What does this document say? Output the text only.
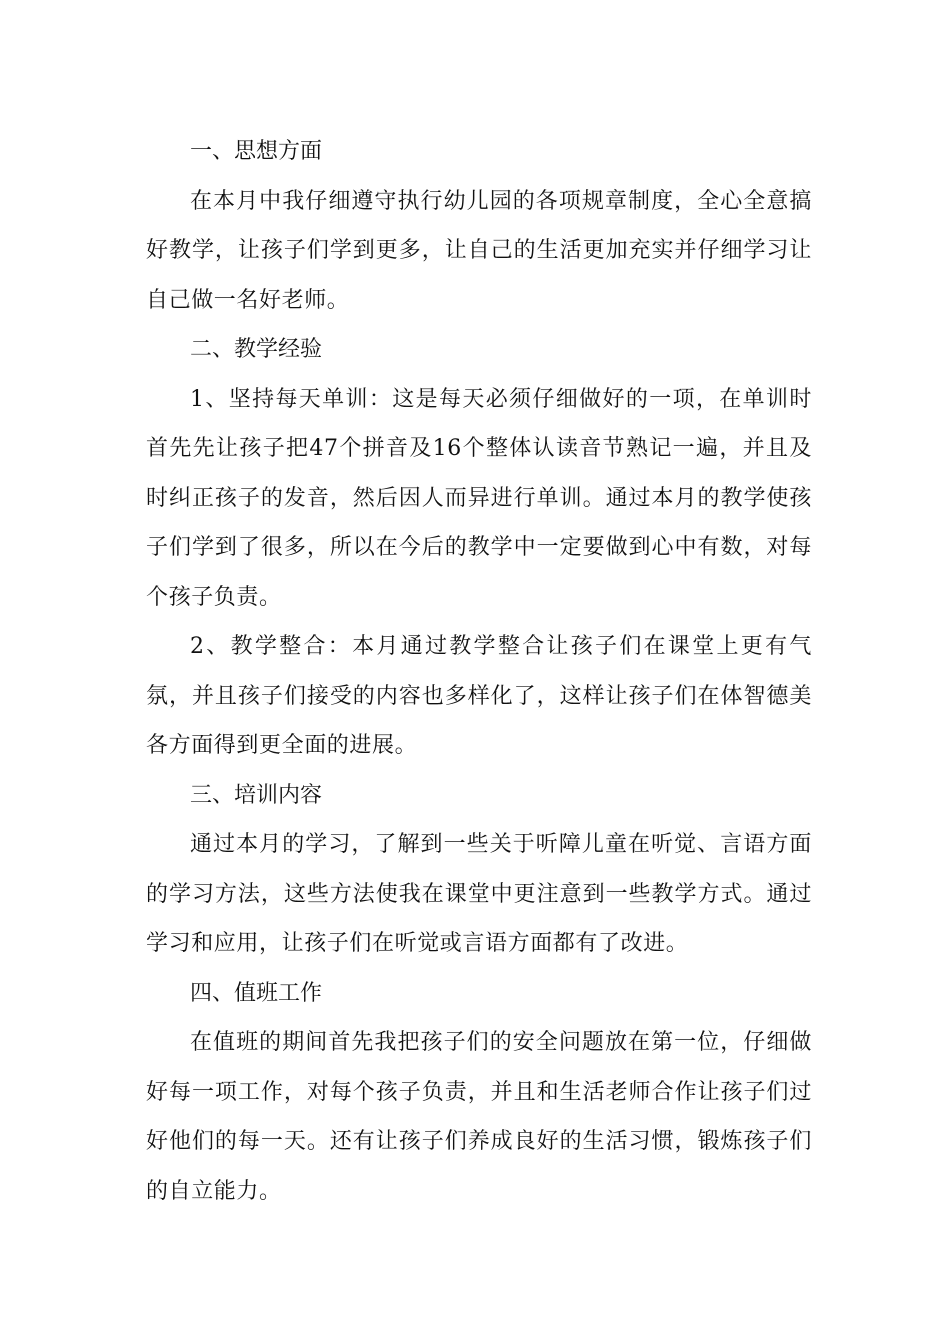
一、思想方面

在本月中我仔细遵守执行幼儿园的各项规章制度，全心全意搞好教学，让孩子们学到更多，让自己的生活更加充实并仔细学习让自己做一名好老师。

二、教学经验

1、坚持每天单训：这是每天必须仔细做好的一项，在单训时首先先让孩子把47个拼音及16个整体认读音节熟记一遍，并且及时纠正孩子的发音，然后因人而异进行单训。通过本月的教学使孩子们学到了很多，所以在今后的教学中一定要做到心中有数，对每个孩子负责。

2、教学整合：本月通过教学整合让孩子们在课堂上更有气氛，并且孩子们接受的内容也多样化了，这样让孩子们在体智德美各方面得到更全面的进展。

三、培训内容

通过本月的学习，了解到一些关于听障儿童在听觉、言语方面的学习方法，这些方法使我在课堂中更注意到一些教学方式。通过学习和应用，让孩子们在听觉或言语方面都有了改进。

四、值班工作

在值班的期间首先我把孩子们的安全问题放在第一位，仔细做好每一项工作，对每个孩子负责，并且和生活老师合作让孩子们过好他们的每一天。还有让孩子们养成良好的生活习惯，锻炼孩子们的自立能力。
